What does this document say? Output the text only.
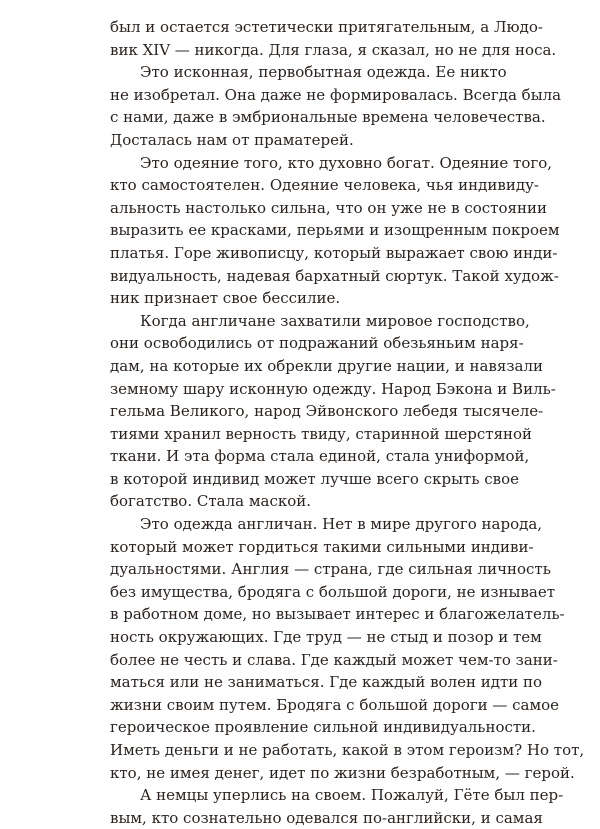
был и остается эстетически притягательным, а Людо-
вик XIV — никогда. Для глаза, я сказал, но не для носа.
Это исконная, первобытная одежда. Ее никто
не изобретал. Она даже не формировалась. Всегда была
с нами, даже в эмбриональные времена человечества.
Досталась нам от праматерей.
Это одеяние того, кто духовно богат. Одеяние того,
кто самостоятелен. Одеяние человека, чья индивиду-
альность настолько сильна, что он уже не в состоянии
выразить ее красками, перьями и изощренным покроем
платья. Горе живописцу, который выражает свою инди-
видуальность, надевая бархатный сюртук. Такой худож-
ник признает свое бессилие.
Когда англичане захватили мировое господство,
они освободились от подражаний обезьяньим наря-
дам, на которые их обрекли другие нации, и навязали
земному шару исконную одежду. Народ Бэкона и Виль-
гельма Великого, народ Эйвонского лебедя тысячеле-
тиями хранил верность твиду, старинной шерстяной
ткани. И эта форма стала единой, стала униформой,
в которой индивид может лучше всего скрыть свое
богатство. Стала маской.
Это одежда англичан. Нет в мире другого народа,
который может гордиться такими сильными индиви-
дуальностями. Англия — страна, где сильная личность
без имущества, бродяга с большой дороги, не изнывает
в работном доме, но вызывает интерес и благожелатель-
ность окружающих. Где труд — не стыд и позор и тем
более не честь и слава. Где каждый может чем-то зани-
маться или не заниматься. Где каждый волен идти по
жизни своим путем. Бродяга с большой дороги — самое
героическое проявление сильной индивидуальности.
Иметь деньги и не работать, какой в этом героизм? Но тот,
кто, не имея денег, идет по жизни безработным, — герой.
А немцы уперлись на своем. Пожалуй, Гёте был пер-
вым, кто сознательно одевался по-английски, и самая
